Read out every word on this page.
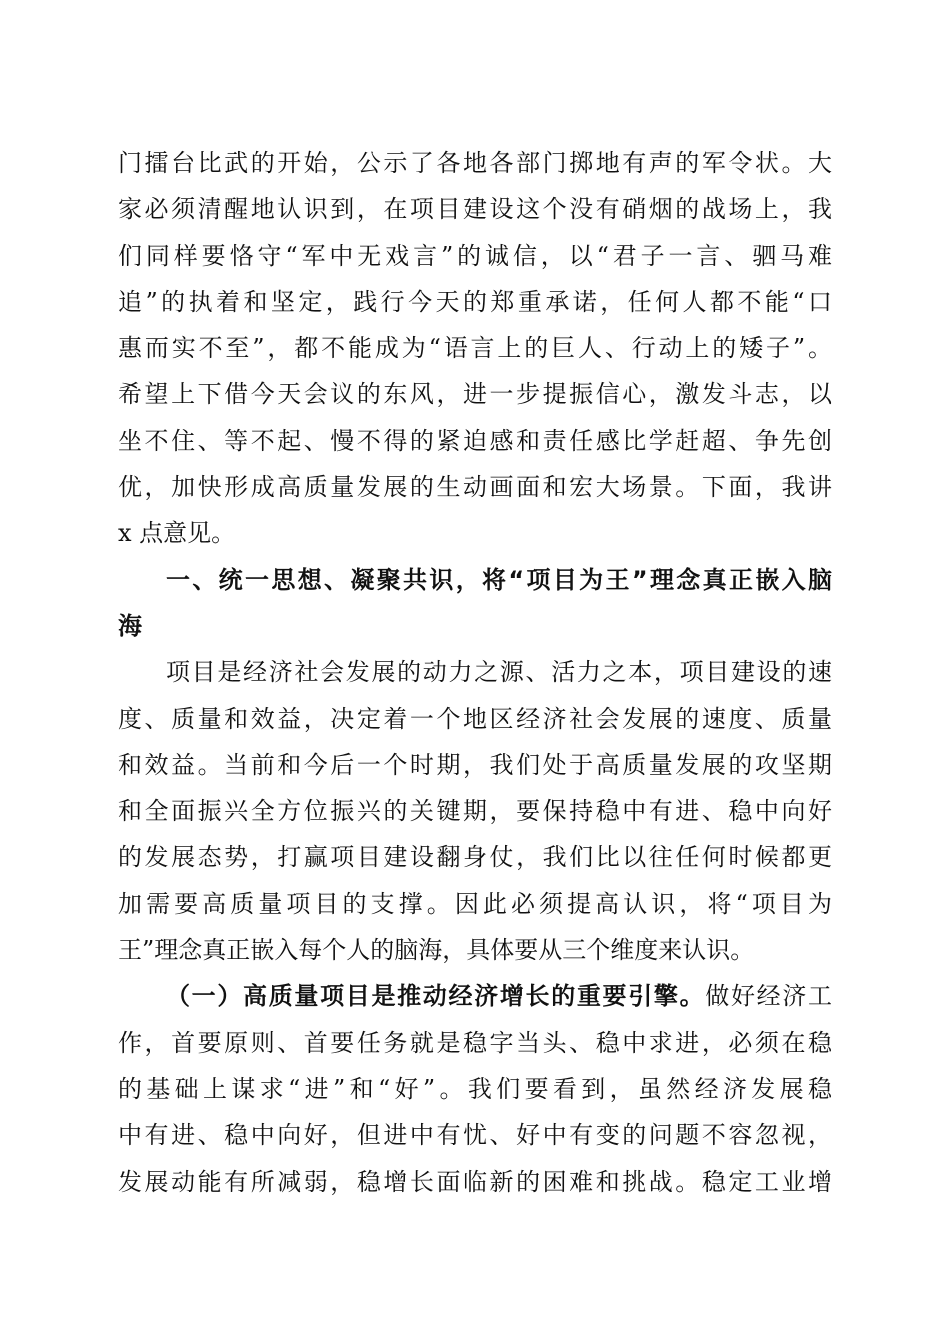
门擂台比武的开始，公示了各地各部门掷地有声的军令状。大
家必须清醒地认识到，在项目建设这个没有硝烟的战场上，我
们同样要恪守“军中无戏言”的诚信，以“君子一言、驷马难
追”的执着和坚定，践行今天的郑重承诺，任何人都不能“口
惠而实不至”，都不能成为“语言上的巨人、行动上的矮子”。
希望上下借今天会议的东风，进一步提振信心，激发斗志，以
坐不住、等不起、慢不得的紧迫感和责任感比学赶超、争先创
优，加快形成高质量发展的生动画面和宏大场景。下面，我讲
x 点意见。
一、统一思想、凝聚共识，将“项目为王”理念真正嵌入脑
海
项目是经济社会发展的动力之源、活力之本，项目建设的速
度、质量和效益，决定着一个地区经济社会发展的速度、质量
和效益。当前和今后一个时期，我们处于高质量发展的攻坚期
和全面振兴全方位振兴的关键期，要保持稳中有进、稳中向好
的发展态势，打赢项目建设翻身仗，我们比以往任何时候都更
加需要高质量项目的支撑。因此必须提高认识，将“项目为
王”理念真正嵌入每个人的脑海，具体要从三个维度来认识。
（一）高质量项目是推动经济增长的重要引擎。做好经济工
作，首要原则、首要任务就是稳字当头、稳中求进，必须在稳
的基础上谋求“进”和“好”。我们要看到，虽然经济发展稳
中有进、稳中向好，但进中有忧、好中有变的问题不容忽视，
发展动能有所减弱，稳增长面临新的困难和挑战。稳定工业增
